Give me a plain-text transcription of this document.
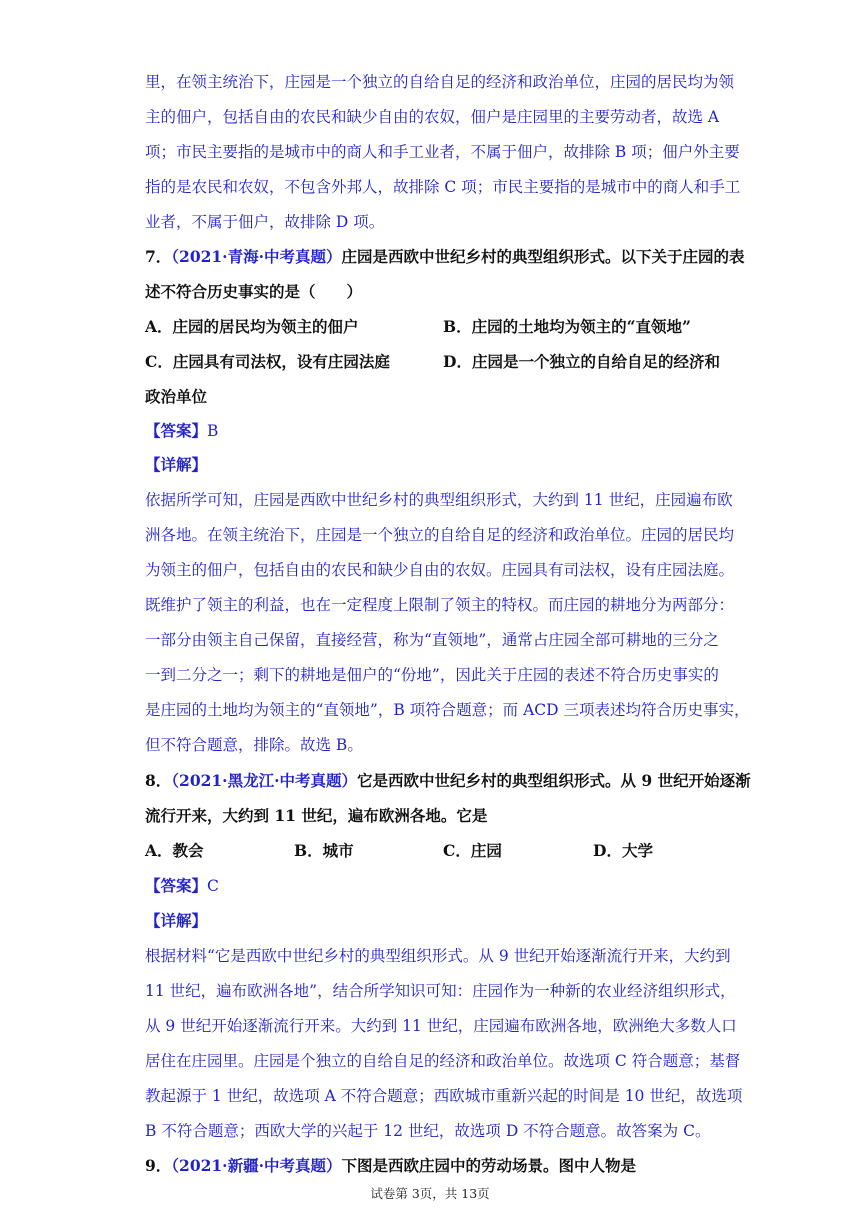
里，在领主统治下，庄园是一个独立的自给自足的经济和政治单位，庄园的居民均为领
主的佃户，包括自由的农民和缺少自由的农奴，佃户是庄园里的主要劳动者，故选 A
项；市民主要指的是城市中的商人和手工业者，不属于佃户，故排除 B 项；佃户外主要
指的是农民和农奴，不包含外邦人，故排除 C 项；市民主要指的是城市中的商人和手工
业者，不属于佃户，故排除 D 项。
7．（2021·青海·中考真题）庄园是西欧中世纪乡村的典型组织形式。以下关于庄园的表
述不符合历史事实的是（　　）
A．庄园的居民均为领主的佃户	B．庄园的土地均为领主的“直领地”
C．庄园具有司法权，设有庄园法庭	D．庄园是一个独立的自给自足的经济和
政治单位
【答案】B
【详解】
依据所学可知，庄园是西欧中世纪乡村的典型组织形式，大约到 11 世纪，庄园遍布欧
洲各地。在领主统治下，庄园是一个独立的自给自足的经济和政治单位。庄园的居民均
为领主的佃户，包括自由的农民和缺少自由的农奴。庄园具有司法权，设有庄园法庭。
既维护了领主的利益，也在一定程度上限制了领主的特权。而庄园的耕地分为两部分：
一部分由领主自己保留，直接经营，称为“直领地”，通常占庄园全部可耕地的三分之
一到二分之一；剩下的耕地是佃户的“份地”，因此关于庄园的表述不符合历史事实的
是庄园的土地均为领主的“直领地”，B 项符合题意；而 ACD 三项表述均符合历史事实，
但不符合题意，排除。故选 B。
8．（2021·黑龙江·中考真题）它是西欧中世纪乡村的典型组织形式。从 9 世纪开始逐渐
流行开来，大约到 11 世纪，遍布欧洲各地。它是
A．教会	B．城市	C．庄园	D．大学
【答案】C
【详解】
根据材料“它是西欧中世纪乡村的典型组织形式。从 9 世纪开始逐渐流行开来，大约到
11 世纪，遍布欧洲各地”，结合所学知识可知：庄园作为一种新的农业经济组织形式，
从 9 世纪开始逐渐流行开来。大约到 11 世纪，庄园遍布欧洲各地，欧洲绝大多数人口
居住在庄园里。庄园是个独立的自给自足的经济和政治单位。故选项 C 符合题意；基督
教起源于 1 世纪，故选项 A 不符合题意；西欧城市重新兴起的时间是 10 世纪，故选项
B 不符合题意；西欧大学的兴起于 12 世纪，故选项 D 不符合题意。故答案为 C。
9．（2021·新疆·中考真题）下图是西欧庄园中的劳动场景。图中人物是
试卷第 3页，共 13页
